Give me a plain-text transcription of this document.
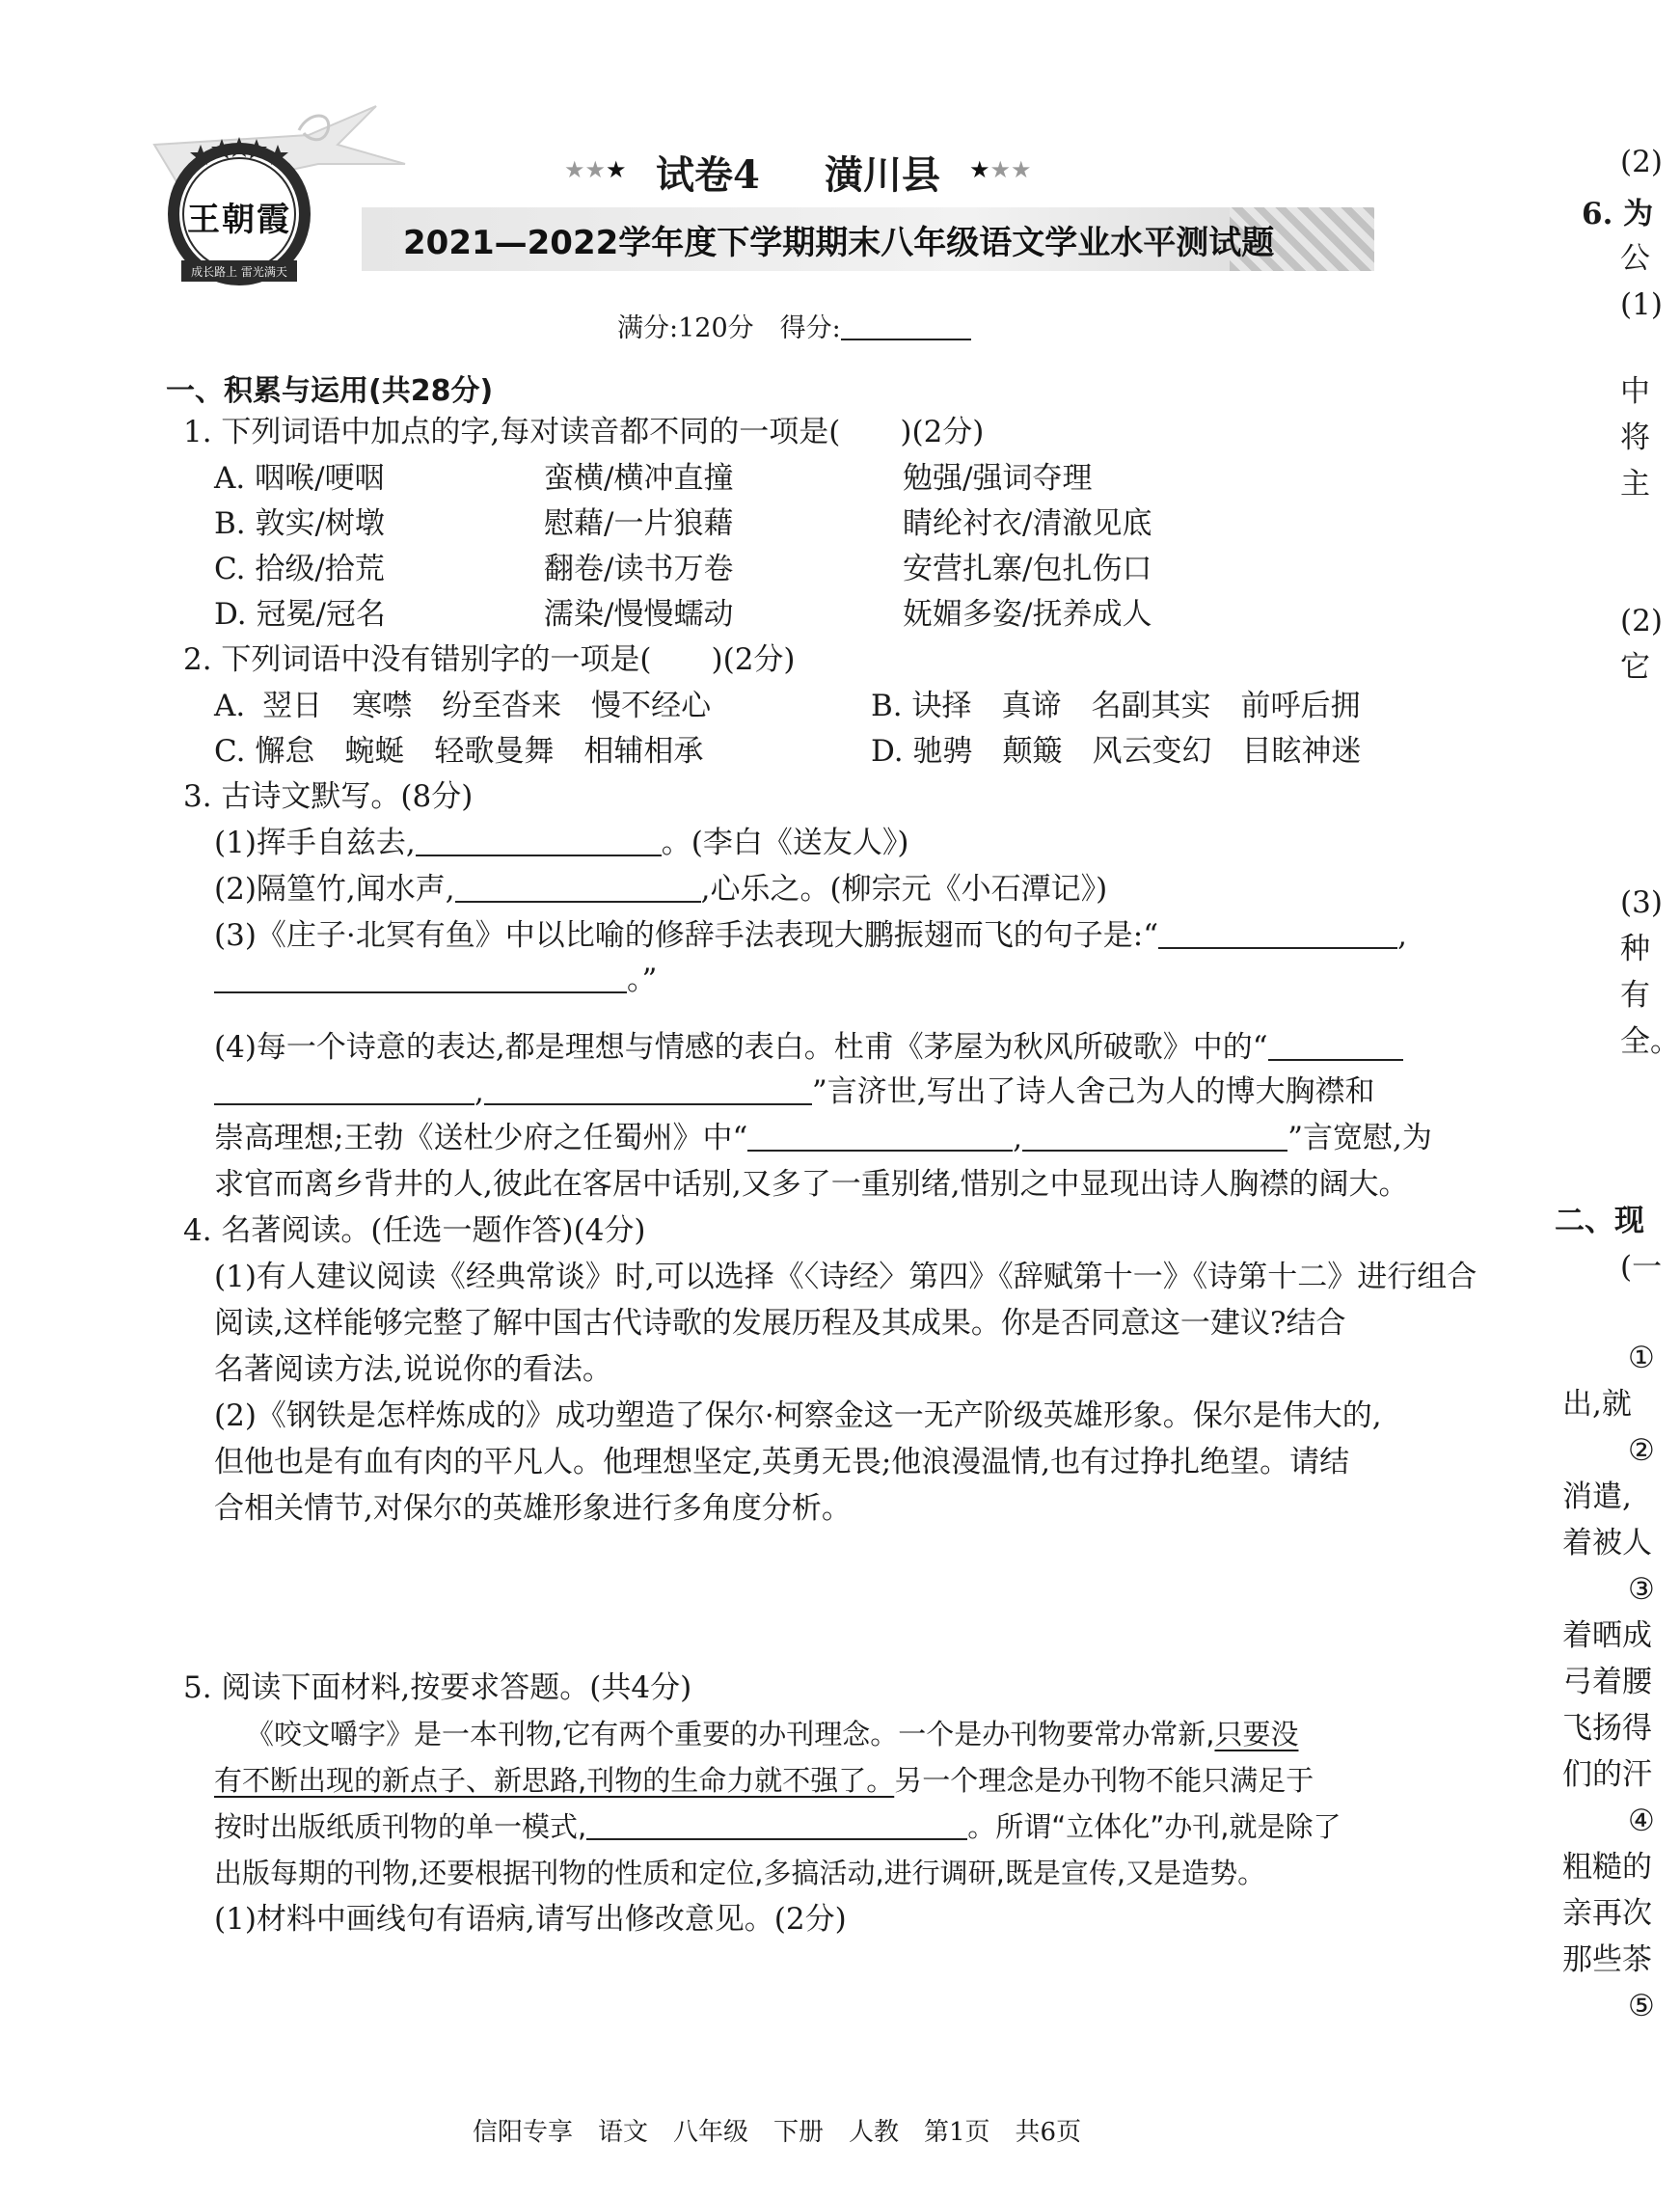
王朝霞
成长路上 雷光满天
★★★ 试卷4 潢川县 ★★★
2021—2022学年度下学期期末八年级语文学业水平测试题
满分:120分　得分:
一、积累与运用(共28分)
1. 下列词语中加点的字,每对读音都不同的一项是(　　)(2分)
A. 咽喉/哽咽	蛮横/横冲直撞	勉强/强词夺理
B. 敦实/树墩	慰藉/一片狼藉	睛纶衬衣/清澈见底
C. 拾级/拾荒	翻卷/读书万卷	安营扎寨/包扎伤口
D. 冠冕/冠名	濡染/慢慢蠕动	妩媚多姿/抚养成人
2. 下列词语中没有错别字的一项是(　　)(2分)
A. 翌日　寒噤　纷至沓来　慢不经心	B. 诀择　真谛　名副其实　前呼后拥
C. 懈怠　蜿蜒　轻歌曼舞　相辅相承	D. 驰骋　颠簸　风云变幻　目眩神迷
3. 古诗文默写。(8分)
(1)挥手自兹去,	。(李白《送友人》)
(2)隔篁竹,闻水声,	,心乐之。(柳宗元《小石潭记》)
(3)《庄子·北冥有鱼》中以比喻的修辞手法表现大鹏振翅而飞的句子是:“	,
。”
(4)每一个诗意的表达,都是理想与情感的表白。杜甫《茅屋为秋风所破歌》中的“
,	”言济世,写出了诗人舍己为人的博大胸襟和
崇高理想;王勃《送杜少府之任蜀州》中“	,	”言宽慰,为
求官而离乡背井的人,彼此在客居中话别,又多了一重别绪,惜别之中显现出诗人胸襟的阔大。
4. 名著阅读。(任选一题作答)(4分)
(1)有人建议阅读《经典常谈》时,可以选择《〈诗经〉第四》《辞赋第十一》《诗第十二》进行组合
阅读,这样能够完整了解中国古代诗歌的发展历程及其成果。你是否同意这一建议?结合
名著阅读方法,说说你的看法。
(2)《钢铁是怎样炼成的》成功塑造了保尔·柯察金这一无产阶级英雄形象。保尔是伟大的,
但他也是有血有肉的平凡人。他理想坚定,英勇无畏;他浪漫温情,也有过挣扎绝望。请结
合相关情节,对保尔的英雄形象进行多角度分析。
5. 阅读下面材料,按要求答题。(共4分)
《咬文嚼字》是一本刊物,它有两个重要的办刊理念。一个是办刊物要常办常新,只要没
有不断出现的新点子、新思路,刊物的生命力就不强了。另一个理念是办刊物不能只满足于
按时出版纸质刊物的单一模式,	。所谓“立体化”办刊,就是除了
出版每期的刊物,还要根据刊物的性质和定位,多搞活动,进行调研,既是宣传,又是造势。
(1)材料中画线句有语病,请写出修改意见。(2分)
(2)
6. 为
公
(1)
中
将
主
(2)
它
(3)
种
有
全。
二、现
(一
①
出,就
②
消遣,
着被人
③
着晒成
弓着腰
飞扬得
们的汗
④
粗糙的
亲再次
那些茶
⑤
信阳专享　语文　八年级　下册　人教　第1页　共6页
